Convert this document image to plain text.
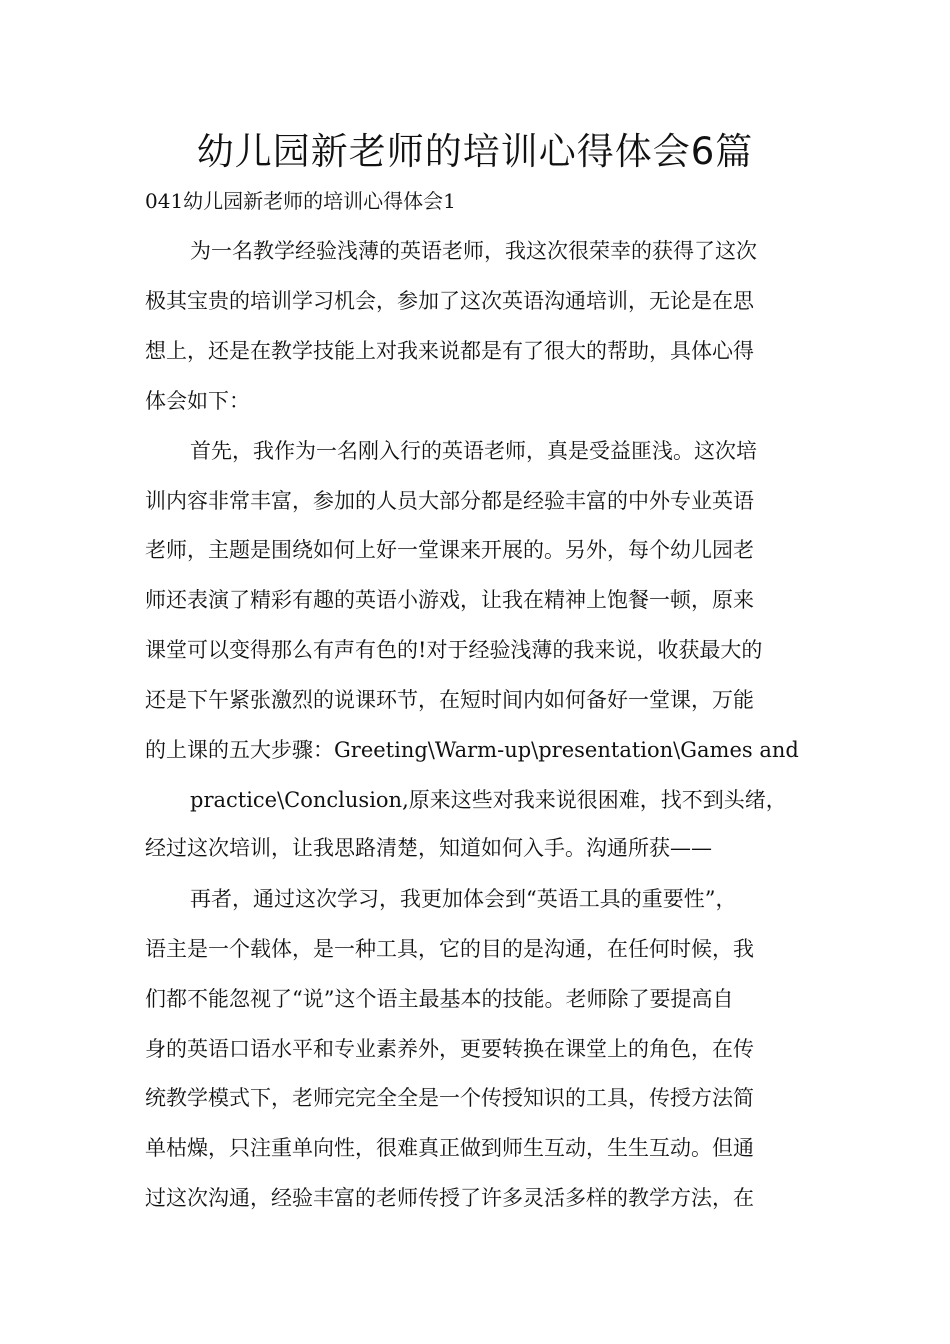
幼儿园新老师的培训心得体会6篇

041幼儿园新老师的培训心得体会1

为一名教学经验浅薄的英语老师，我这次很荣幸的获得了这次

极其宝贵的培训学习机会，参加了这次英语沟通培训，无论是在思

想上，还是在教学技能上对我来说都是有了很大的帮助，具体心得

体会如下：

首先，我作为一名刚入行的英语老师，真是受益匪浅。这次培

训内容非常丰富，参加的人员大部分都是经验丰富的中外专业英语

老师，主题是围绕如何上好一堂课来开展的。另外，每个幼儿园老

师还表演了精彩有趣的英语小游戏，让我在精神上饱餐一顿，原来

课堂可以变得那么有声有色的!对于经验浅薄的我来说，收获最大的

还是下午紧张激烈的说课环节，在短时间内如何备好一堂课，万能

的上课的五大步骤：Greeting\Warm-up\presentation\Games and

practice\Conclusion,原来这些对我来说很困难，找不到头绪，

经过这次培训，让我思路清楚，知道如何入手。沟通所获——

再者，通过这次学习，我更加体会到“英语工具的重要性”，

语主是一个载体，是一种工具，它的目的是沟通，在任何时候，我

们都不能忽视了“说”这个语主最基本的技能。老师除了要提高自

身的英语口语水平和专业素养外，更要转换在课堂上的角色，在传

统教学模式下，老师完完全全是一个传授知识的工具，传授方法简

单枯燥，只注重单向性，很难真正做到师生互动，生生互动。但通

过这次沟通，经验丰富的老师传授了许多灵活多样的教学方法，在
